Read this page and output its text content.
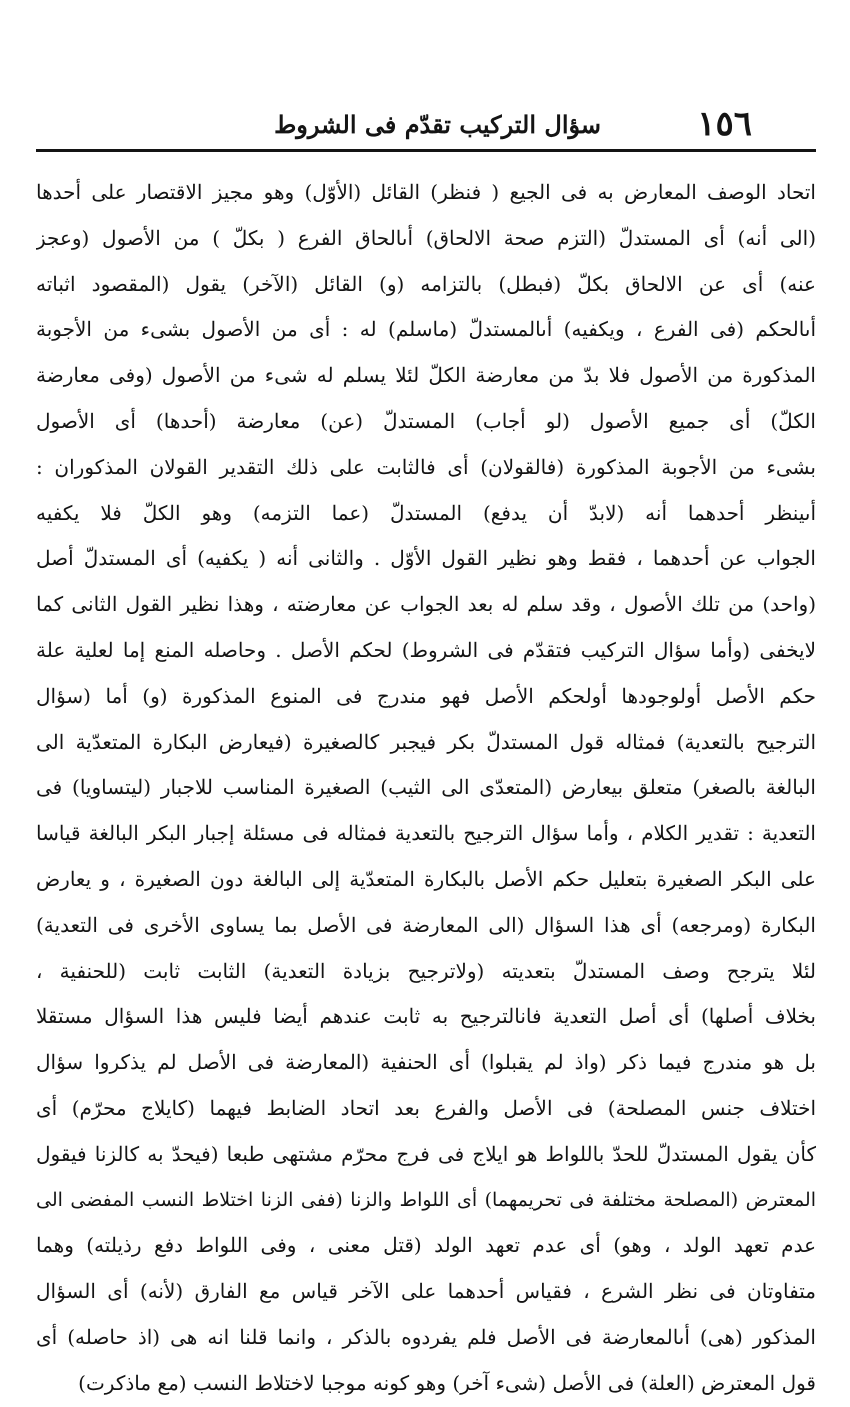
١٥٦
سؤال التركيب تقدّم فى الشروط
اتحاد الوصف المعارض به فى الجيع ( فنظر) القائل (الأوّل) وهو مجيز الاقتصار على أحدها
(الى أنه) أى المستدلّ (التزم صحة الالحاق) أىالحاق الفرع ( بكلّ ) من الأصول (وعجز
عنه) أى عن الالحاق بكلّ (فبطل) بالتزامه (و) القائل (الآخر) يقول (المقصود اثباته
أىالحكم (فى الفرع ، ويكفيه) أىالمستدلّ (ماسلم) له : أى من الأصول بشىء من الأجوبة
المذكورة من الأصول فلا بدّ من معارضة الكلّ لئلا يسلم له شىء من الأصول (وفى معارضة
الكلّ) أى جميع الأصول (لو أجاب) المستدلّ (عن) معارضة (أحدها) أى الأصول
بشىء من الأجوبة المذكورة (فالقولان) أى فالثابت على ذلك التقدير القولان المذكوران :
أىينظر أحدهما أنه (لابدّ أن يدفع) المستدلّ (عما التزمه) وهو الكلّ فلا يكفيه
الجواب عن أحدهما ، فقط وهو نظير القول الأوّل . والثانى أنه ( يكفيه) أى المستدلّ أصل
(واحد) من تلك الأصول ، وقد سلم له بعد الجواب عن معارضته ، وهذا نظير القول الثانى كما
لايخفى (وأما سؤال التركيب فتقدّم فى الشروط) لحكم الأصل . وحاصله المنع إما لعلية علة
حكم الأصل أولوجودها أولحكم الأصل فهو مندرج فى المنوع المذكورة (و) أما (سؤال
الترجيح بالتعدية) فمثاله قول المستدلّ بكر فيجبر كالصغيرة (فيعارض البكارة المتعدّية الى
البالغة بالصغر) متعلق بيعارض (المتعدّى الى الثيب) الصغيرة المناسب للاجبار (ليتساويا) فى
التعدية : تقدير الكلام ، وأما سؤال الترجيح بالتعدية فمثاله فى مسئلة إجبار البكر البالغة قياسا
على البكر الصغيرة بتعليل حكم الأصل بالبكارة المتعدّية إلى البالغة دون الصغيرة ، و يعارض
البكارة (ومرجعه) أى هذا السؤال (الى المعارضة فى الأصل بما يساوى الأخرى فى التعدية)
لئلا يترجح وصف المستدلّ بتعديته (ولاترجيح بزيادة التعدية) الثابت ثابت (للحنفية ،
بخلاف أصلها) أى أصل التعدية فانالترجيح به ثابت عندهم أيضا فليس هذا السؤال مستقلا
بل هو مندرج فيما ذكر (واذ لم يقبلوا) أى الحنفية (المعارضة فى الأصل لم يذكروا سؤال
اختلاف جنس المصلحة) فى الأصل والفرع بعد اتحاد الضابط فيهما (كايلاج محرّم) أى
كأن يقول المستدلّ للحدّ باللواط هو ايلاج فى فرج محرّم مشتهى طبعا (فيحدّ به كالزنا فيقول
المعترض (المصلحة مختلفة فى تحريمهما) أى اللواط والزنا (ففى الزنا اختلاط النسب المفضى الى
عدم تعهد الولد ، وهو) أى عدم تعهد الولد (قتل معنى ، وفى اللواط دفع رذيلته) وهما
متفاوتان فى نظر الشرع ، فقياس أحدهما على الآخر قياس مع الفارق (لأنه) أى السؤال
المذكور (هى) أىالمعارضة فى الأصل فلم يفردوه بالذكر ، وانما قلنا انه هى (اذ حاصله) أى
قول المعترض (العلة) فى الأصل (شىء آخر) وهو كونه موجبا لاختلاط النسب (مع ماذكرت)
